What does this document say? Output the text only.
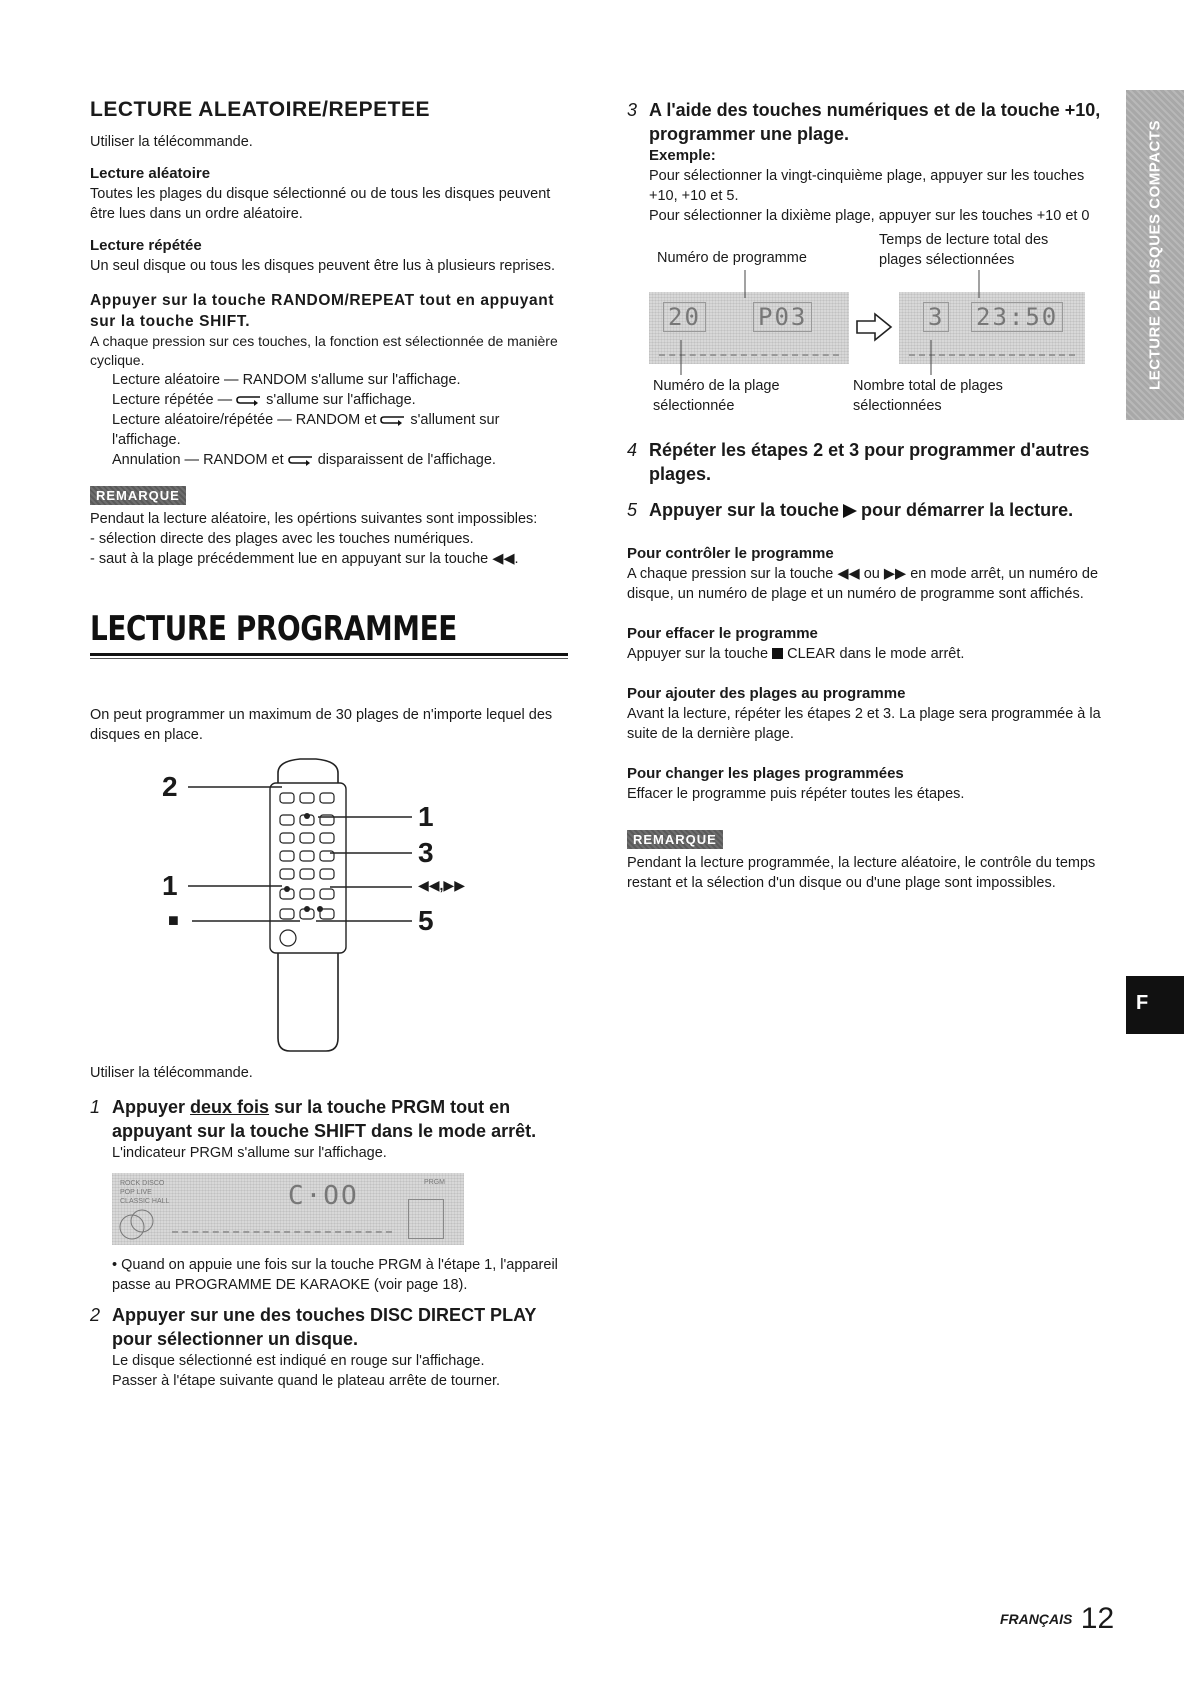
LECTURE DE DISQUES COMPACTS
F
LECTURE ALEATOIRE/REPETEE

Utiliser la télécommande.

Lecture aléatoire

Toutes les plages du disque sélectionné ou de tous les disques peuvent être lues dans un ordre aléatoire.

Lecture répétée

Un seul disque ou tous les disques peuvent être lus à plusieurs reprises.

Appuyer sur la touche RANDOM/REPEAT tout en appuyant sur la touche SHIFT.

A chaque pression sur ces touches, la fonction est sélectionnée de manière cyclique.

Lecture aléatoire — RANDOM s'allume sur l'affichage.

Lecture répétée — s'allume sur l'affichage.

Lecture aléatoire/répétée — RANDOM et s'allument sur l'affichage.

Annulation — RANDOM et disparaissent de l'affichage.

REMARQUE

Pendaut la lecture aléatoire, les opértions suivantes sont impossibles:

- sélection directe des plages avec les touches numériques.

- saut à la plage précédemment lue en appuyant sur la touche ◀◀.

LECTURE PROGRAMMEE

On peut programmer un maximum de 30 plages de n'importe lequel des disques en place.

2
1
■
1
3
◀◀,▶▶
5

Utiliser la télécommande.

1 Appuyer deux fois sur la touche PRGM tout en appuyant sur la touche SHIFT dans le mode arrêt.

L'indicateur PRGM s'allume sur l'affichage.

ROCK DISCO POP LIVE CLASSIC HALL	C·OO	PRGM

• Quand on appuie une fois sur la touche PRGM à l'étape 1, l'appareil passe au PROGRAMME DE KARAOKE (voir page 18).

2 Appuyer sur une des touches DISC DIRECT PLAY pour sélectionner un disque.

Le disque sélectionné est indiqué en rouge sur l'affichage.

Passer à l'étape suivante quand le plateau arrête de tourner.

3 A l'aide des touches numériques et de la touche +10, programmer une plage.

Exemple:

Pour sélectionner la vingt-cinquième plage, appuyer sur les touches +10, +10 et 5.

Pour sélectionner la dixième plage, appuyer sur les touches +10 et 0

Numéro de programme
Temps de lecture total des plages sélectionnées
20 P03	3 23:50
Numéro de la plage sélectionnée
Nombre total de plages sélectionnées
4 Répéter les étapes 2 et 3 pour programmer d'autres plages.
5 Appuyer sur la touche pour démarrer la lecture.

Pour contrôler le programme

A chaque pression sur la touche ◀◀ ou ▶▶ en mode arrêt, un numéro de disque, un numéro de plage et un numéro de programme sont affichés.

Pour effacer le programme

Appuyer sur la touche CLEAR dans le mode arrêt.

Pour ajouter des plages au programme

Avant la lecture, répéter les étapes 2 et 3. La plage sera programmée à la suite de la dernière plage.

Pour changer les plages programmées

Effacer le programme puis répéter toutes les étapes.

REMARQUE

Pendant la lecture programmée, la lecture aléatoire, le contrôle du temps restant et la sélection d'un disque ou d'une plage sont impossibles.

FRANÇAIS 12
